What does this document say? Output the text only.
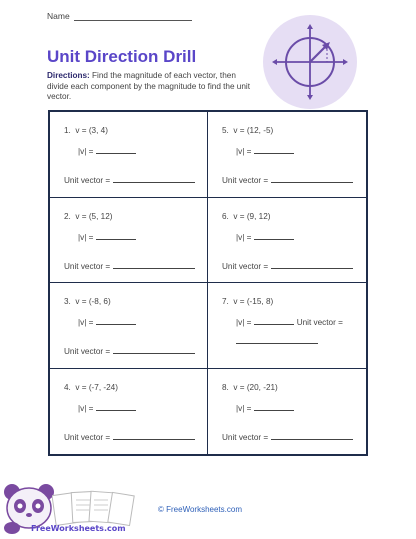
Name
Unit Direction Drill
Directions: Find the magnitude of each vector, then divide each component by the magnitude to find the unit vector.
1. v = (3, 4)
|v| =
Unit vector =
5. v = (12, -5)
|v| =
Unit vector =
2. v = (5, 12)
|v| =
Unit vector =
6. v = (9, 12)
|v| =
Unit vector =
3. v = (-8, 6)
|v| =
Unit vector =
7. v = (-15, 8)
|v| =	Unit vector =
4. v = (-7, -24)
|v| =
Unit vector =
8. v = (20, -21)
|v| =
Unit vector =
FreeWorksheets.com
© FreeWorksheets.com
